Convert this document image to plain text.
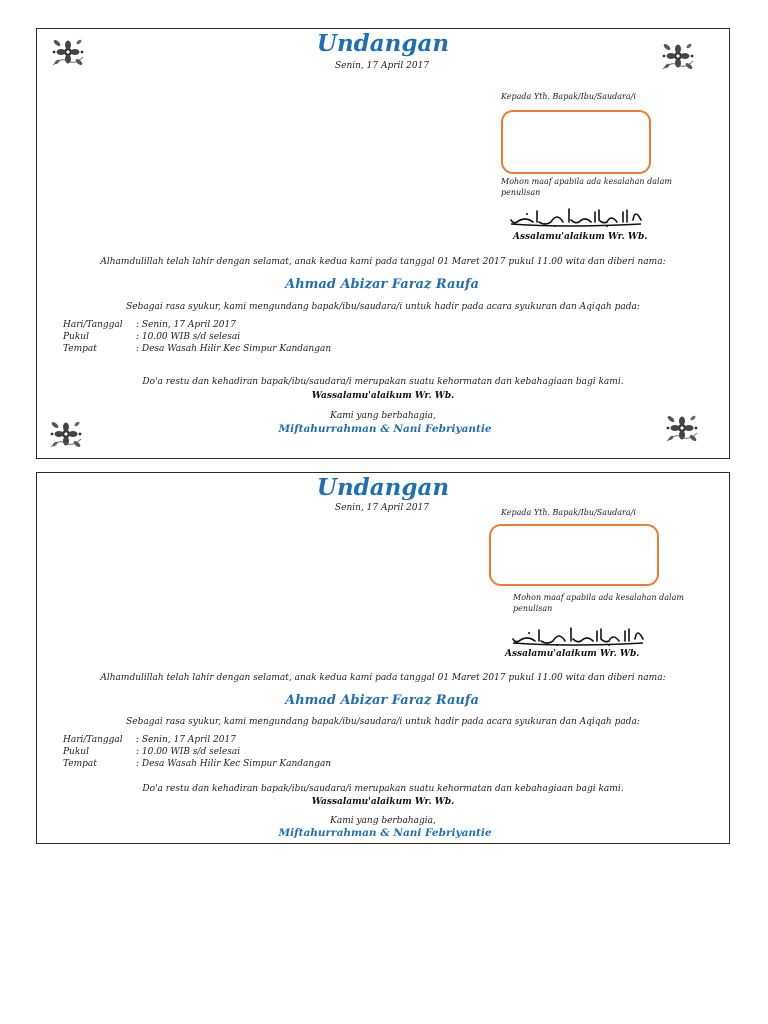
Undangan
Senin, 17 April 2017
Kepada Yth. Bapak/Ibu/Saudara/i
Mohon maaf apabila ada kesalahan dalam
penulisan
Assalamu'alaikum Wr. Wb.
Alhamdulillah telah lahir dengan selamat, anak kedua kami pada tanggal 01 Maret 2017 pukul 11.00 wita dan diberi nama:
Ahmad Abizar Faraz Raufa
Sebagai rasa syukur, kami mengundang bapak/ibu/saudara/i untuk hadir pada acara syukuran dan Aqiqah pada:
Hari/Tanggal : Senin, 17 April 2017
Pukul	: 10.00 WIB s/d selesai
Tempat	: Desa Wasah Hilir Kec Simpur Kandangan
Do'a restu dan kehadiran bapak/ibu/saudara/i merupakan suatu kehormatan dan kebahagiaan bagi kami.
Wassalamu'alaikum Wr. Wb.
Kami yang berbahagia,
Miftahurrahman & Nani Febriyantie
Undangan
Senin, 17 April 2017	Kepada Yth. Bapak/Ibu/Saudara/i
Mohon maaf apabila ada kesalahan dalam
penulisan
Assalamu'alaikum Wr. Wb.
Alhamdulillah telah lahir dengan selamat, anak kedua kami pada tanggal 01 Maret 2017 pukul 11.00 wita dan diberi nama:
Ahmad Abizar Faraz Raufa
Sebagai rasa syukur, kami mengundang bapak/ibu/saudara/i untuk hadir pada acara syukuran dan Aqiqah pada:
Hari/Tanggal : Senin, 17 April 2017
Pukul	: 10.00 WIB s/d selesai
Tempat	: Desa Wasah Hilir Kec Simpur Kandangan
Do'a restu dan kehadiran bapak/ibu/saudara/i merupakan suatu kehormatan dan kebahagiaan bagi kami.
Wassalamu'alaikum Wr. Wb.
Kami yang berbahagia,
Miftahurrahman & Nani Febriyantie
